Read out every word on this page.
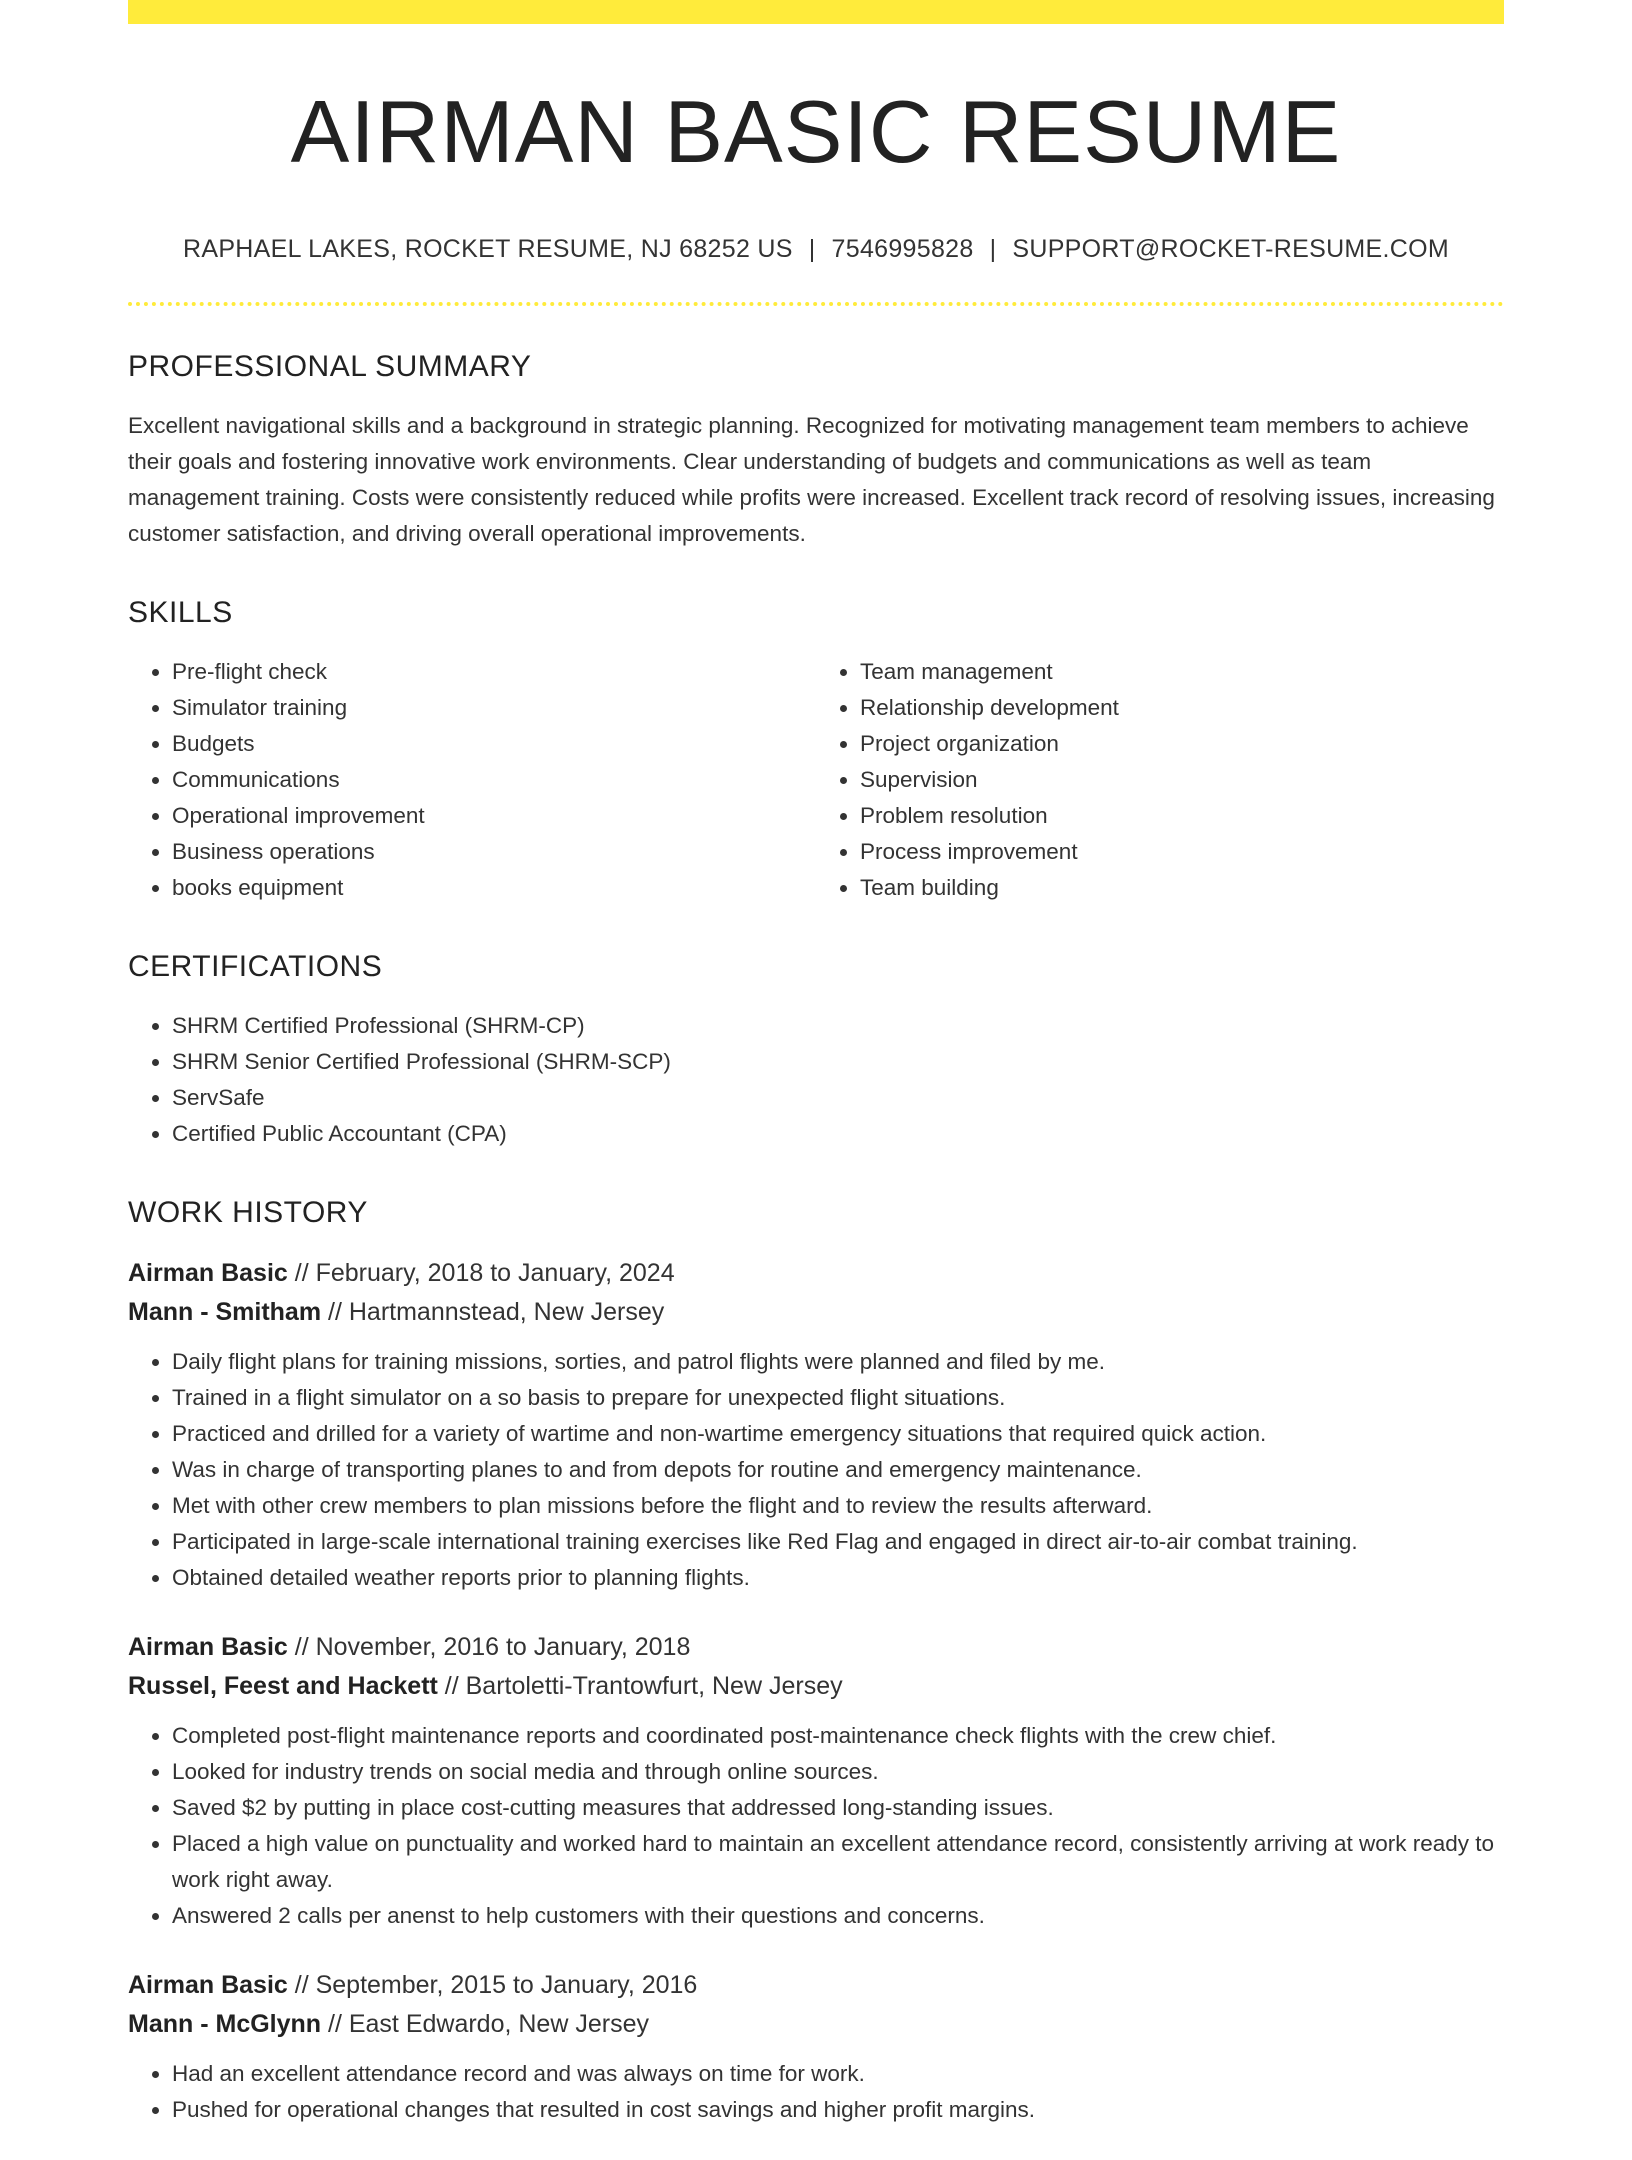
AIRMAN BASIC RESUME
RAPHAEL LAKES, ROCKET RESUME, NJ 68252 US | 7546995828 | SUPPORT@ROCKET-RESUME.COM
PROFESSIONAL SUMMARY

Excellent navigational skills and a background in strategic planning. Recognized for motivating management team members to achieve their goals and fostering innovative work environments. Clear understanding of budgets and communications as well as team management training. Costs were consistently reduced while profits were increased. Excellent track record of resolving issues, increasing customer satisfaction, and driving overall operational improvements.

SKILLS
• Pre-flight check
• Simulator training
• Budgets
• Communications
• Operational improvement
• Business operations
• books equipment
• Team management
• Relationship development
• Project organization
• Supervision
• Problem resolution
• Process improvement
• Team building
CERTIFICATIONS
• SHRM Certified Professional (SHRM-CP)
• SHRM Senior Certified Professional (SHRM-SCP)
• ServSafe
• Certified Public Accountant (CPA)
WORK HISTORY
Airman Basic // February, 2018 to January, 2024
Mann - Smitham // Hartmannstead, New Jersey
• Daily flight plans for training missions, sorties, and patrol flights were planned and filed by me.
• Trained in a flight simulator on a so basis to prepare for unexpected flight situations.
• Practiced and drilled for a variety of wartime and non-wartime emergency situations that required quick action.
• Was in charge of transporting planes to and from depots for routine and emergency maintenance.
• Met with other crew members to plan missions before the flight and to review the results afterward.
• Participated in large-scale international training exercises like Red Flag and engaged in direct air-to-air combat training.
• Obtained detailed weather reports prior to planning flights.
Airman Basic // November, 2016 to January, 2018
Russel, Feest and Hackett // Bartoletti-Trantowfurt, New Jersey
• Completed post-flight maintenance reports and coordinated post-maintenance check flights with the crew chief.
• Looked for industry trends on social media and through online sources.
• Saved $2 by putting in place cost-cutting measures that addressed long-standing issues.
• Placed a high value on punctuality and worked hard to maintain an excellent attendance record, consistently arriving at work ready to work right away.
• Answered 2 calls per anenst to help customers with their questions and concerns.
Airman Basic // September, 2015 to January, 2016
Mann - McGlynn // East Edwardo, New Jersey
• Had an excellent attendance record and was always on time for work.
• Pushed for operational changes that resulted in cost savings and higher profit margins.
